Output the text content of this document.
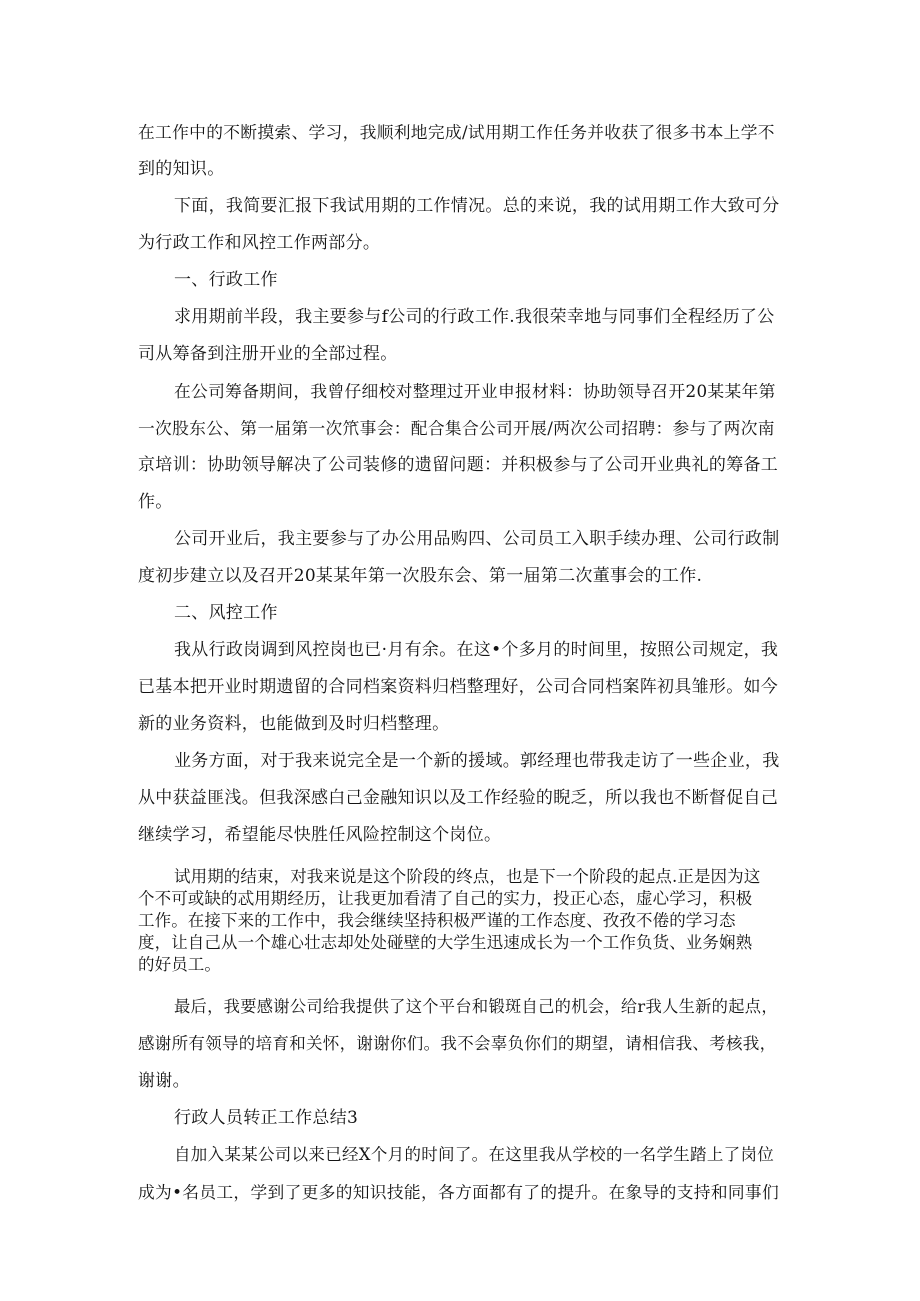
在工作中的不断摸索、学习，我顺利地完成/试用期工作任务并收获了很多书本上学不
到的知识。
下面，我简要汇报下我试用期的工作情况。总的来说，我的试用期工作大致可分
为行政工作和风控工作两部分。
一、行政工作
求用期前半段，我主要参与f公司的行政工作.我很荣幸地与同事们全程经历了公
司从筹备到注册开业的全部过程。
在公司筹备期间，我曾仔细校对整理过开业申报材料：协助领导召开20某某年第
一次股东公、第一届第一次笊事会：配合集合公司开展/两次公司招聘：参与了两次南
京培训：协助领导解决了公司装修的遗留问题：并积极参与了公司开业典礼的筹备工
作。
公司开业后，我主要参与了办公用品购四、公司员工入职手续办理、公司行政制
度初步建立以及召开20某某年第一次股东会、第一届第二次董事会的工作.
二、风控工作
我从行政岗调到风控岗也已·月有余。在这•个多月的时间里，按照公司规定，我
已基本把开业时期遗留的合同档案资料归档整理好，公司合同档案阵初具雏形。如今
新的业务资料，也能做到及时归档整理。
业务方面，对于我来说完全是一个新的援域。郭经理也带我走访了一些企业，我
从中获益匪浅。但我深感白己金融知识以及工作经验的睨乏，所以我也不断督促自己
继续学习，希望能尽快胜任风险控制这个岗位。
试用期的结束，对我来说是这个阶段的终点，也是下一个阶段的起点.正是因为这
个不可或缺的忒用期经历，让我更加看清了自己的实力，投正心态，虚心学习，积极
工作。在接下来的工作中，我会继续坚持积极严谨的工作态度、孜孜不倦的学习态
度，让自己从一个雄心壮志却处处碰壁的大学生迅速成长为一个工作负货、业务娴熟
的好员工。
最后，我要感谢公司给我提供了这个平台和锻斑自己的机会，给r我人生新的起点，
感谢所有领导的培育和关怀，谢谢你们。我不会辜负你们的期望，请相信我、考核我，
谢谢。
行政人员转正工作总结3
自加入某某公司以来已经X个月的时间了。在这里我从学校的一名学生踏上了岗位
成为•名员工，学到了更多的知识技能，各方面都有了的提升。在象导的支持和同事们
